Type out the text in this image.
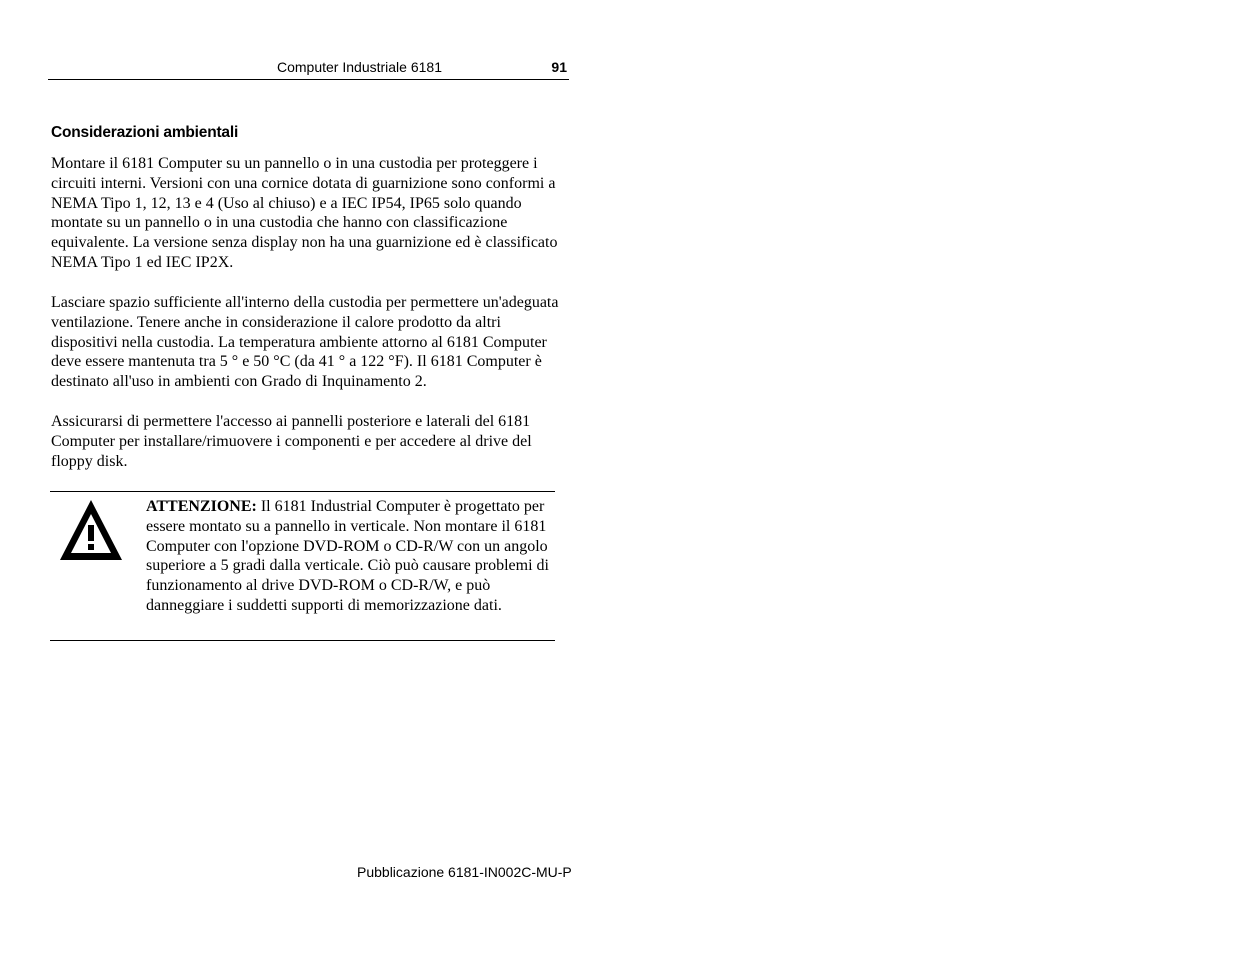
Computer Industriale 6181	91
Considerazioni ambientali

Montare il 6181 Computer su un pannello o in una custodia per proteggere i circuiti interni. Versioni con una cornice dotata di guarnizione sono conformi a NEMA Tipo 1, 12, 13 e 4 (Uso al chiuso) e a IEC IP54, IP65 solo quando montate su un pannello o in una custodia che hanno con classificazione equivalente. La versione senza display non ha una guarnizione ed è classificato NEMA Tipo 1 ed IEC IP2X.

Lasciare spazio sufficiente all'interno della custodia per permettere un'adeguata ventilazione. Tenere anche in considerazione il calore prodotto da altri dispositivi nella custodia. La temperatura ambiente attorno al 6181 Computer deve essere mantenuta tra 5 ° e 50 °C (da 41 ° a 122 °F). Il 6181 Computer è destinato all'uso in ambienti con Grado di Inquinamento 2.

Assicurarsi di permettere l'accesso ai pannelli posteriore e laterali del 6181 Computer per installare/rimuovere i componenti e per accedere al drive del floppy disk.

ATTENZIONE: Il 6181 Industrial Computer è progettato per essere montato su a pannello in verticale. Non montare il 6181 Computer con l'opzione DVD-ROM o CD-R/W con un angolo superiore a 5 gradi dalla verticale. Ciò può causare problemi di funzionamento al drive DVD-ROM o CD-R/W, e può danneggiare i suddetti supporti di memorizzazione dati.

Pubblicazione 6181-IN002C-MU-P
